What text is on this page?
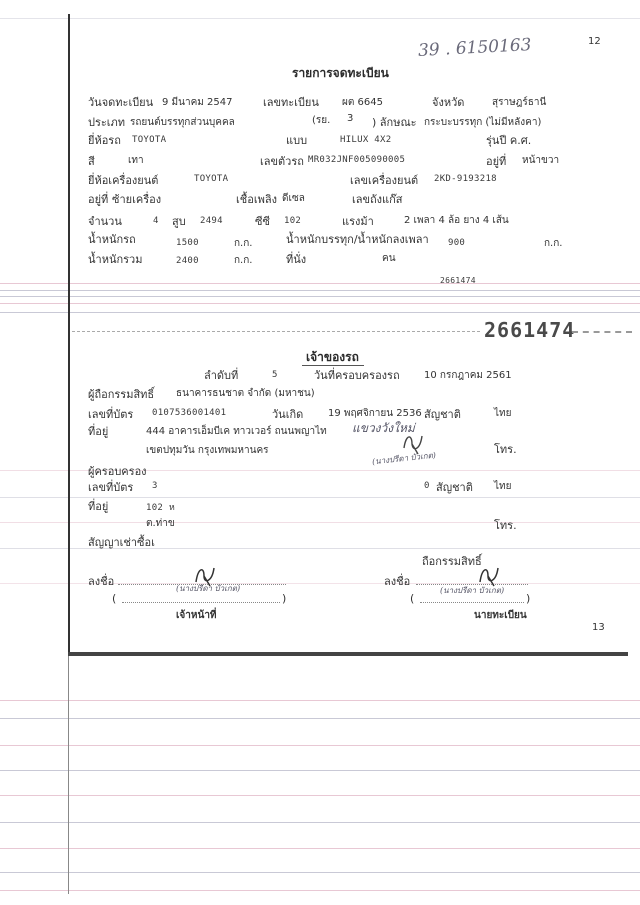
12
13
39 . 6150163
รายการจดทะเบียน
วันจดทะเบียน 9 มีนาคม 2547	เลขทะเบียน ผต 6645	จังหวัด	สุราษฎร์ธานี
ประเภท รถยนต์บรรทุกส่วนบุคคล	(รย. 3 ) ลักษณะ กระบะบรรทุก (ไม่มีหลังคา)
ยี่ห้อรถ TOYOTA	แบบ	HILUX 4X2	รุ่นปี ค.ศ.
สี	เทา	เลขตัวรถ MR032JNF005090005	อยู่ที่ หน้าขวา
ยี่ห้อเครื่องยนต์	TOYOTA	เลขเครื่องยนต์ 2KD-9193218
อยู่ที่ ซ้ายเครื่อง	เชื้อเพลิง ดีเซล	เลขถังแก๊ส
จำนวน	4 สูบ 2494	ซีซี 102	แรงม้า	2 เพลา 4 ล้อ ยาง 4 เส้น
น้ำหนักรถ	1500	ก.ก.	น้ำหนักบรรทุก/น้ำหนักลงเพลา 900	ก.ก.
น้ำหนักรวม	2400	ก.ก.	ที่นั่ง	คน
2661474
2661474
เจ้าของรถ
ลำดับที่	5	วันที่ครอบครองรถ 10 กรกฎาคม 2561
ผู้ถือกรรมสิทธิ์ ธนาคารธนชาต จำกัด (มหาชน)
เลขที่บัตร 0107536001401	วันเกิด 19 พฤศจิกายน 2536 สัญชาติ	ไทย
ที่อยู่	444 อาคารเอ็มบีเค ทาวเวอร์ ถนนพญาไท แขวงวังใหม่
เขตปทุมวัน กรุงเทพมหานคร	โทร.
(นางปรีดา บัวเกต)
ผู้ครอบครอง
เลขที่บัตร 3	0 สัญชาติ ไทย
ที่อยู่	102 ห
ต.ท่าข	โทร.
สัญญาเช่าซื้อเ
ถือกรรมสิทธิ์
ลงชื่อ
(นางปรีดา บัวเกต)
(	)
เจ้าหน้าที่
ลงชื่อ
(นางปรีดา บัวเกต)
(	)
นายทะเบียน
